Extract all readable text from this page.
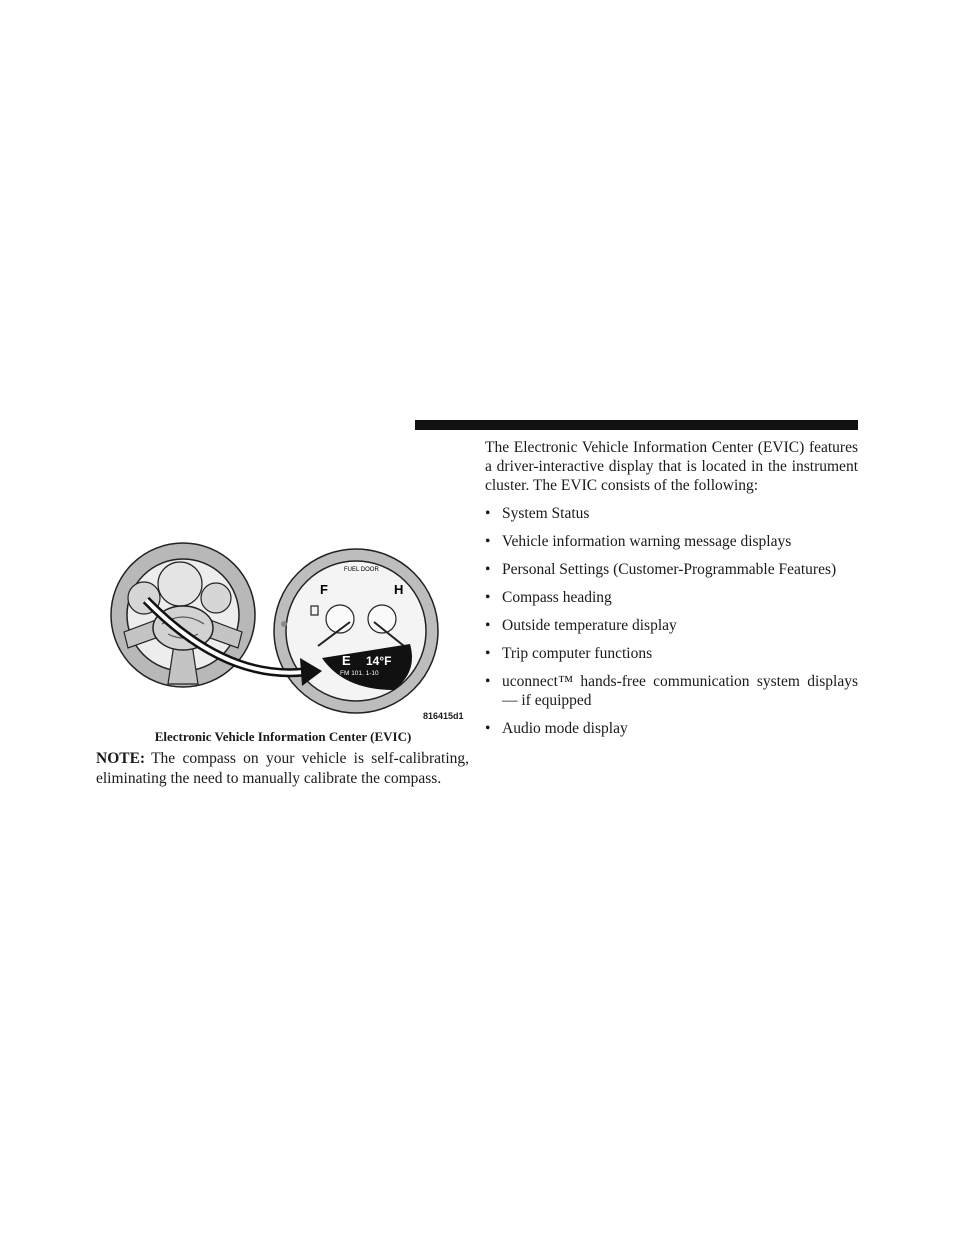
The Electronic Vehicle Information Center (EVIC) features a driver-interactive display that is located in the instrument cluster. The EVIC consists of the following:

• System Status
• Vehicle information warning message displays
• Personal Settings (Customer-Programmable Features)
• Compass heading
• Outside temperature display
• Trip computer functions
• uconnect™ hands-free communication system displays — if equipped
• Audio mode display
FUEL DOOR
F	H
E 14°F
FM 101. 1-10
816415d1

Electronic Vehicle Information Center (EVIC)

NOTE: The compass on your vehicle is self-calibrating, eliminating the need to manually calibrate the compass.
